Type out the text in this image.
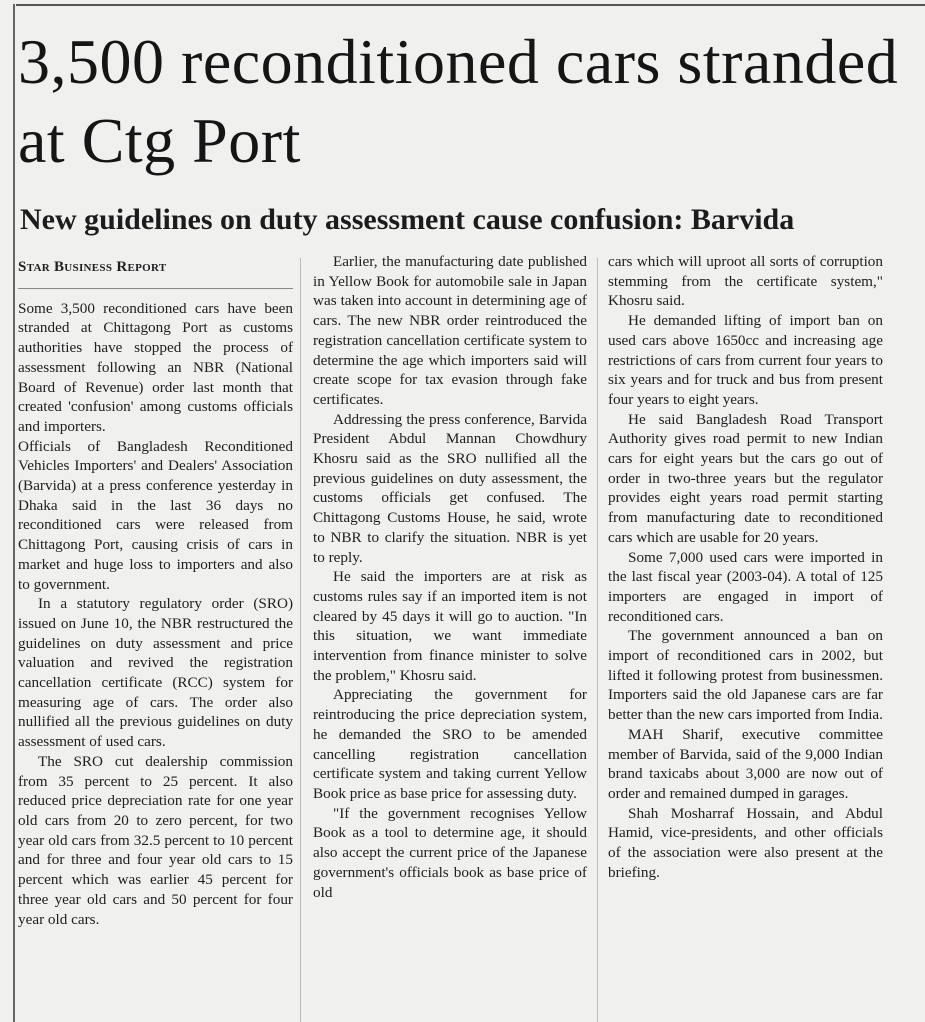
3,500 reconditioned cars stranded at Ctg Port
New guidelines on duty assessment cause confusion: Barvida
Star Business Report

Some 3,500 reconditioned cars have been stranded at Chittagong Port as customs authorities have stopped the process of assessment following an NBR (National Board of Revenue) order last month that created 'confusion' among customs officials and importers.

Officials of Bangladesh Reconditioned Vehicles Importers' and Dealers' Association (Barvida) at a press conference yesterday in Dhaka said in the last 36 days no reconditioned cars were released from Chittagong Port, causing crisis of cars in market and huge loss to importers and also to government.

In a statutory regulatory order (SRO) issued on June 10, the NBR restructured the guidelines on duty assessment and price valuation and revived the registration cancellation certificate (RCC) system for measuring age of cars. The order also nullified all the previous guidelines on duty assessment of used cars.

The SRO cut dealership commission from 35 percent to 25 percent. It also reduced price depreciation rate for one year old cars from 20 to zero percent, for two year old cars from 32.5 percent to 10 percent and for three and four year old cars to 15 percent which was earlier 45 percent for three year old cars and 50 percent for four year old cars.

Earlier, the manufacturing date published in Yellow Book for automobile sale in Japan was taken into account in determining age of cars. The new NBR order reintroduced the registration cancellation certificate system to determine the age which importers said will create scope for tax evasion through fake certificates.

Addressing the press conference, Barvida President Abdul Mannan Chowdhury Khosru said as the SRO nullified all the previous guidelines on duty assessment, the customs officials get confused. The Chittagong Customs House, he said, wrote to NBR to clarify the situation. NBR is yet to reply.

He said the importers are at risk as customs rules say if an imported item is not cleared by 45 days it will go to auction. "In this situation, we want immediate intervention from finance minister to solve the problem," Khosru said.

Appreciating the government for reintroducing the price depreciation system, he demanded the SRO to be amended cancelling registration cancellation certificate system and taking current Yellow Book price as base price for assessing duty.

"If the government recognises Yellow Book as a tool to determine age, it should also accept the current price of the Japanese government's officials book as base price of old

cars which will uproot all sorts of corruption stemming from the certificate system," Khosru said.

He demanded lifting of import ban on used cars above 1650cc and increasing age restrictions of cars from current four years to six years and for truck and bus from present four years to eight years.

He said Bangladesh Road Transport Authority gives road permit to new Indian cars for eight years but the cars go out of order in two-three years but the regulator provides eight years road permit starting from manufacturing date to reconditioned cars which are usable for 20 years.

Some 7,000 used cars were imported in the last fiscal year (2003-04). A total of 125 importers are engaged in import of reconditioned cars.

The government announced a ban on import of reconditioned cars in 2002, but lifted it following protest from businessmen. Importers said the old Japanese cars are far better than the new cars imported from India.

MAH Sharif, executive committee member of Barvida, said of the 9,000 Indian brand taxicabs about 3,000 are now out of order and remained dumped in garages.

Shah Mosharraf Hossain, and Abdul Hamid, vice-presidents, and other officials of the association were also present at the briefing.
